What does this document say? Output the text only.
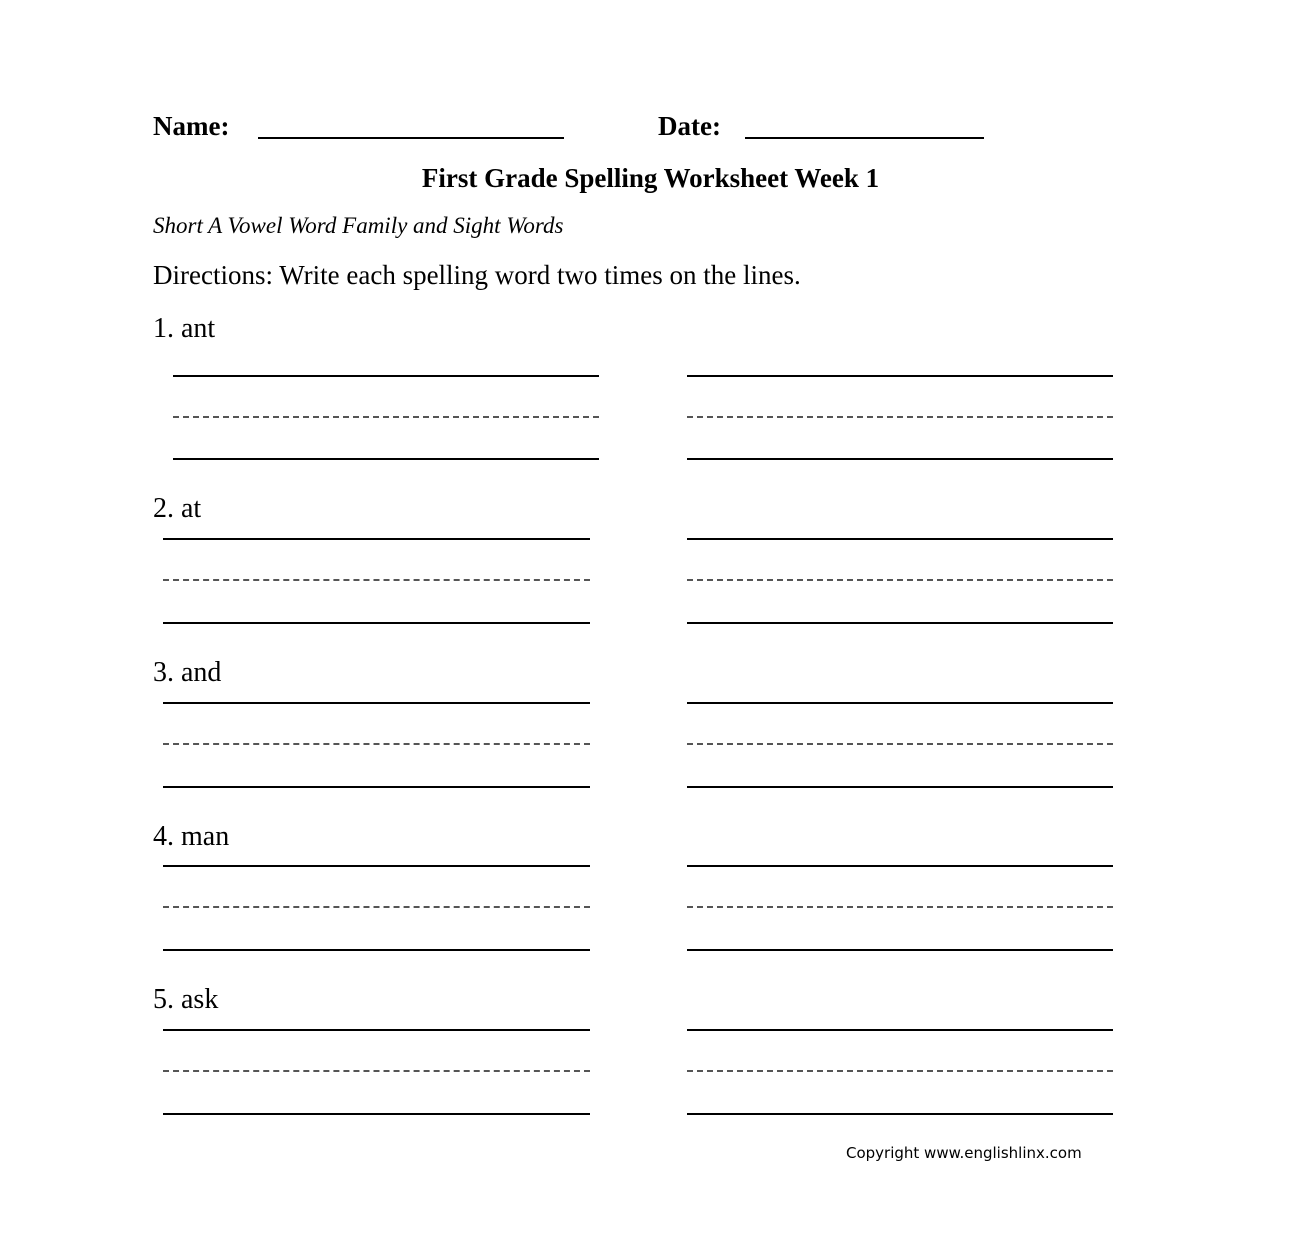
Name:	Date:
First Grade Spelling Worksheet Week 1
Short A Vowel Word Family and Sight Words
Directions: Write each spelling word two times on the lines.
1. ant
2. at
3. and
4. man
5. ask
Copyright www.englishlinx.com
